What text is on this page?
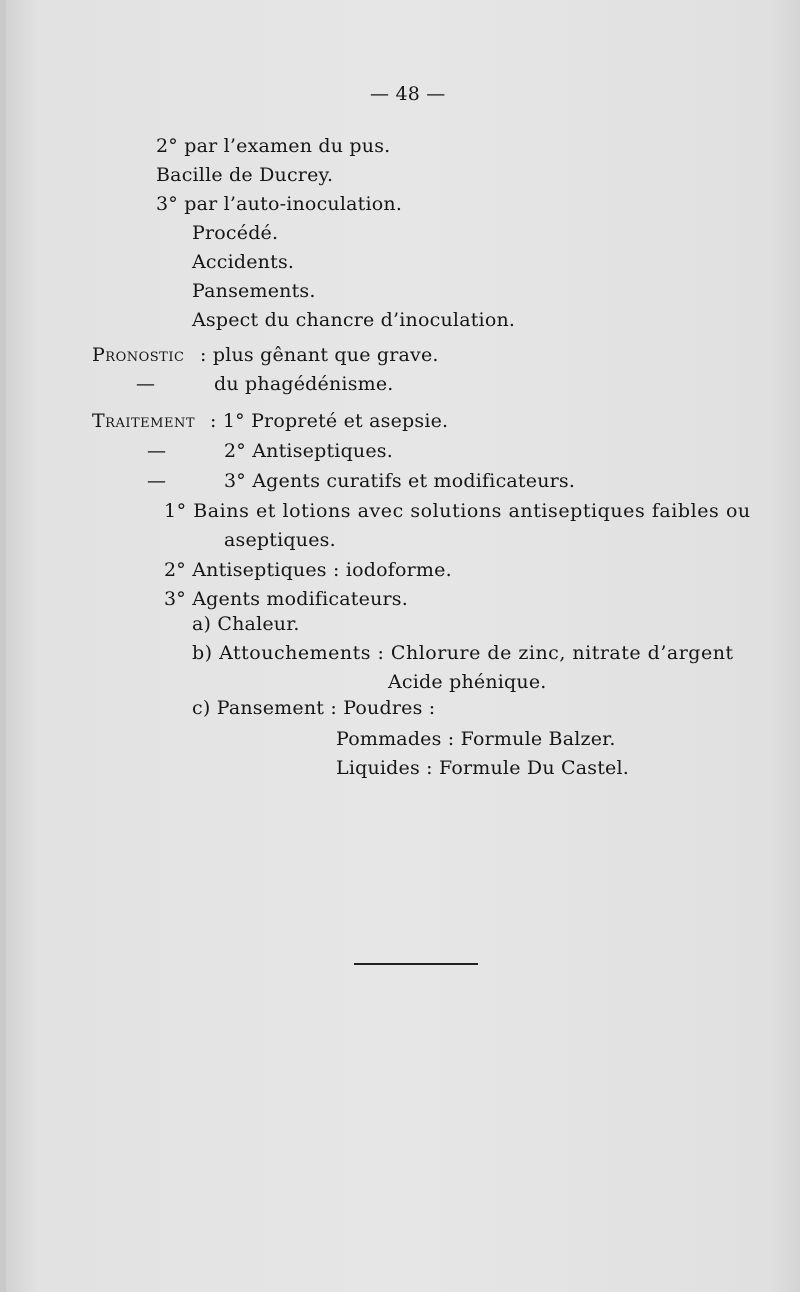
— 48 —
2° par l’examen du pus.
Bacille de Ducrey.
3° par l’auto-inoculation.
Procédé.
Accidents.
Pansements.
Aspect du chancre d’inoculation.
Pronostic : plus gênant que grave.
—	du phagédénisme.
Traitement : 1° Propreté et asepsie.
—	2° Antiseptiques.
—	3° Agents curatifs et modificateurs.
1° Bains et lotions avec solutions antiseptiques faibles ou
aseptiques.
2° Antiseptiques : iodoforme.
3° Agents modificateurs.
a) Chaleur.
b) Attouchements : Chlorure de zinc, nitrate d’argent
Acide phénique.
c) Pansement : Poudres :
Pommades : Formule Balzer.
Liquides : Formule Du Castel.
